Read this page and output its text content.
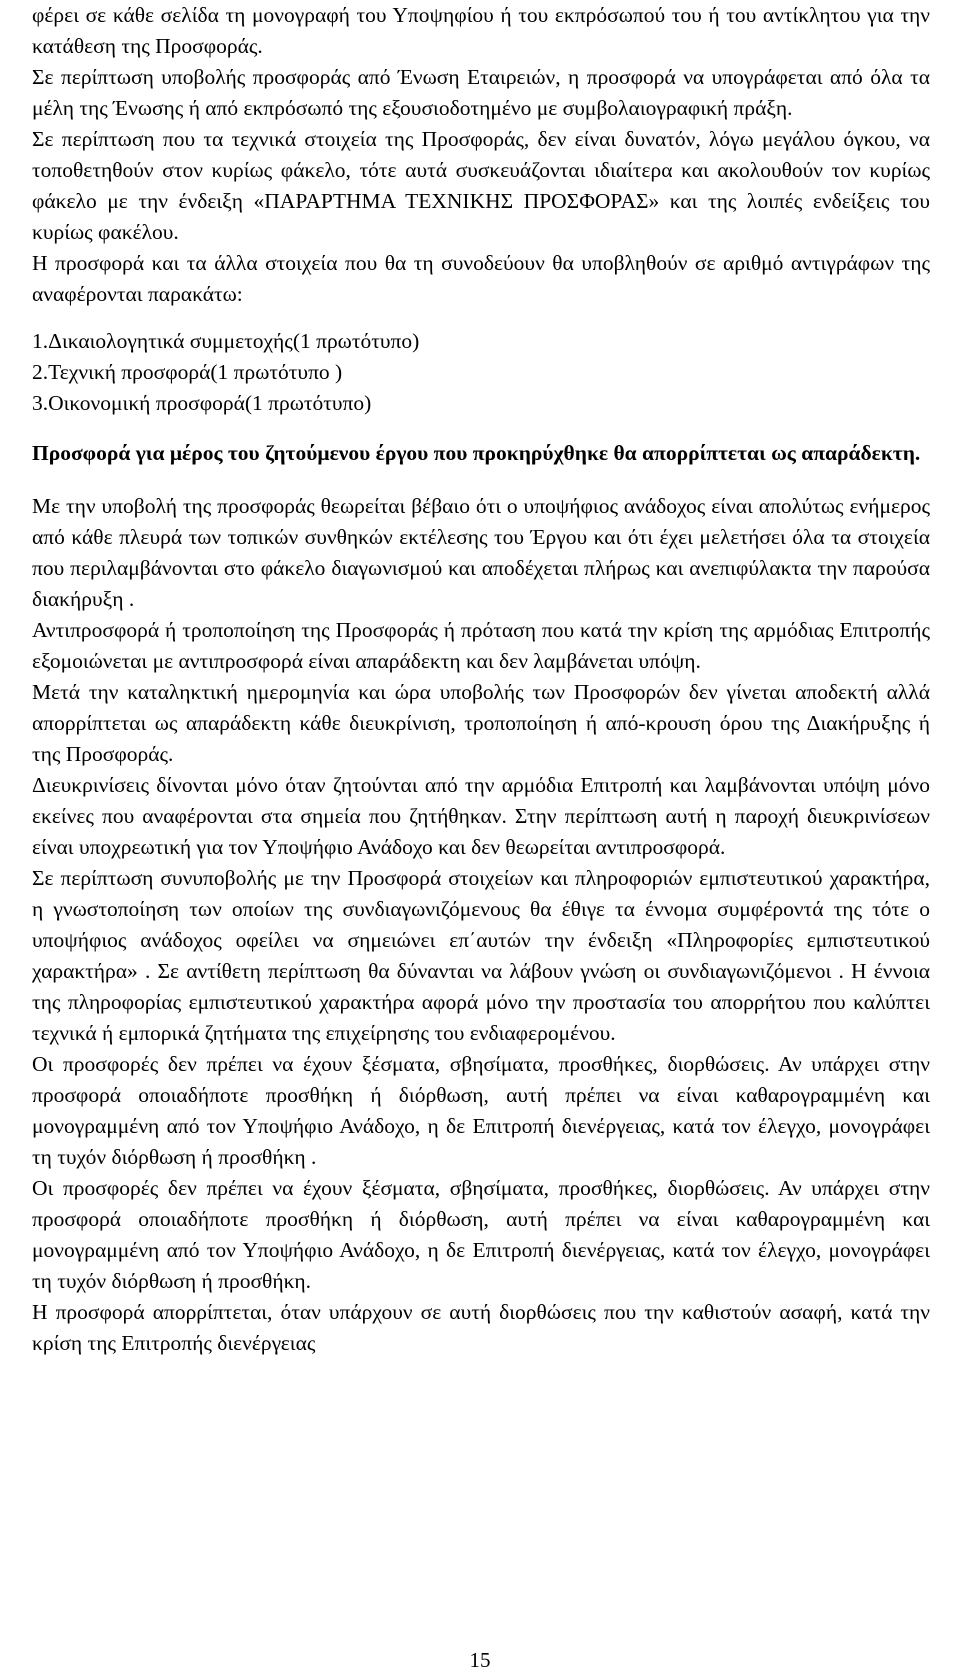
φέρει σε κάθε σελίδα τη μονογραφή του Υποψηφίου ή του εκπρόσωπού του ή του αντίκλητου για την κατάθεση της Προσφοράς.

Σε περίπτωση υποβολής προσφοράς από Ένωση Εταιρειών, η προσφορά να υπογράφεται από όλα τα μέλη της Ένωσης ή από εκπρόσωπό της εξουσιοδοτημένο με συμβολαιογραφική πράξη.

Σε περίπτωση που τα τεχνικά στοιχεία της Προσφοράς, δεν είναι δυνατόν, λόγω μεγάλου όγκου, να τοποθετηθούν στον κυρίως φάκελο, τότε αυτά συσκευάζονται ιδιαίτερα και ακολουθούν τον κυρίως φάκελο με την ένδειξη «ΠΑΡΑΡΤΗΜΑ ΤΕΧΝΙΚΗΣ ΠΡΟΣΦΟΡΑΣ» και της λοιπές ενδείξεις του κυρίως φακέλου.

Η προσφορά και τα άλλα στοιχεία που θα τη συνοδεύουν θα υποβληθούν σε αριθμό αντιγράφων της αναφέρονται παρακάτω:

1.Δικαιολογητικά συμμετοχής(1 πρωτότυπο)
2.Τεχνική προσφορά(1 πρωτότυπο )
3.Οικονομική προσφορά(1 πρωτότυπο)

Προσφορά για μέρος του ζητούμενου έργου που προκηρύχθηκε θα απορρίπτεται ως απαράδεκτη.

Με την υποβολή της προσφοράς θεωρείται βέβαιο ότι ο υποψήφιος ανάδοχος είναι απολύτως ενήμερος από κάθε πλευρά των τοπικών συνθηκών εκτέλεσης του Έργου και ότι έχει μελετήσει όλα τα στοιχεία που περιλαμβάνονται στο φάκελο διαγωνισμού και αποδέχεται πλήρως και ανεπιφύλακτα την παρούσα διακήρυξη .

Αντιπροσφορά ή τροποποίηση της Προσφοράς ή πρόταση που κατά την κρίση της αρμόδιας Επιτροπής εξομοιώνεται με αντιπροσφορά είναι απαράδεκτη και δεν λαμβάνεται υπόψη.

Μετά την καταληκτική ημερομηνία και ώρα υποβολής των Προσφορών δεν γίνεται αποδεκτή αλλά απορρίπτεται ως απαράδεκτη κάθε διευκρίνιση, τροποποίηση ή από-κρουση όρου της Διακήρυξης ή της Προσφοράς.

Διευκρινίσεις δίνονται μόνο όταν ζητούνται από την αρμόδια Επιτροπή και λαμβάνονται υπόψη μόνο εκείνες που αναφέρονται στα σημεία που ζητήθηκαν. Στην περίπτωση αυτή η παροχή διευκρινίσεων είναι υποχρεωτική για τον Υποψήφιο Ανάδοχο και δεν θεωρείται αντιπροσφορά.

Σε περίπτωση συνυποβολής με την Προσφορά στοιχείων και πληροφοριών εμπιστευτικού χαρακτήρα, η γνωστοποίηση των οποίων της συνδιαγωνιζόμενους θα έθιγε τα έννομα συμφέροντά της τότε ο υποψήφιος ανάδοχος οφείλει να σημειώνει επ΄αυτών την ένδειξη «Πληροφορίες εμπιστευτικού χαρακτήρα» . Σε αντίθετη περίπτωση θα δύνανται να λάβουν γνώση οι συνδιαγωνιζόμενοι . Η έννοια της πληροφορίας εμπιστευτικού χαρακτήρα αφορά μόνο την προστασία του απορρήτου που καλύπτει τεχνικά ή εμπορικά ζητήματα της επιχείρησης του ενδιαφερομένου.

Οι προσφορές δεν πρέπει να έχουν ξέσματα, σβησίματα, προσθήκες, διορθώσεις. Αν υπάρχει στην προσφορά οποιαδήποτε προσθήκη ή διόρθωση, αυτή πρέπει να είναι καθαρογραμμένη και μονογραμμένη από τον Υποψήφιο Ανάδοχο, η δε Επιτροπή διενέργειας, κατά τον έλεγχο, μονογράφει τη τυχόν διόρθωση ή προσθήκη .

Οι προσφορές δεν πρέπει να έχουν ξέσματα, σβησίματα, προσθήκες, διορθώσεις. Αν υπάρχει στην προσφορά οποιαδήποτε προσθήκη ή διόρθωση, αυτή πρέπει να είναι καθαρογραμμένη και μονογραμμένη από τον Υποψήφιο Ανάδοχο, η δε Επιτροπή διενέργειας, κατά τον έλεγχο, μονογράφει τη τυχόν διόρθωση ή προσθήκη.

Η προσφορά απορρίπτεται, όταν υπάρχουν σε αυτή διορθώσεις που την καθιστούν ασαφή, κατά την κρίση της Επιτροπής διενέργειας

15
